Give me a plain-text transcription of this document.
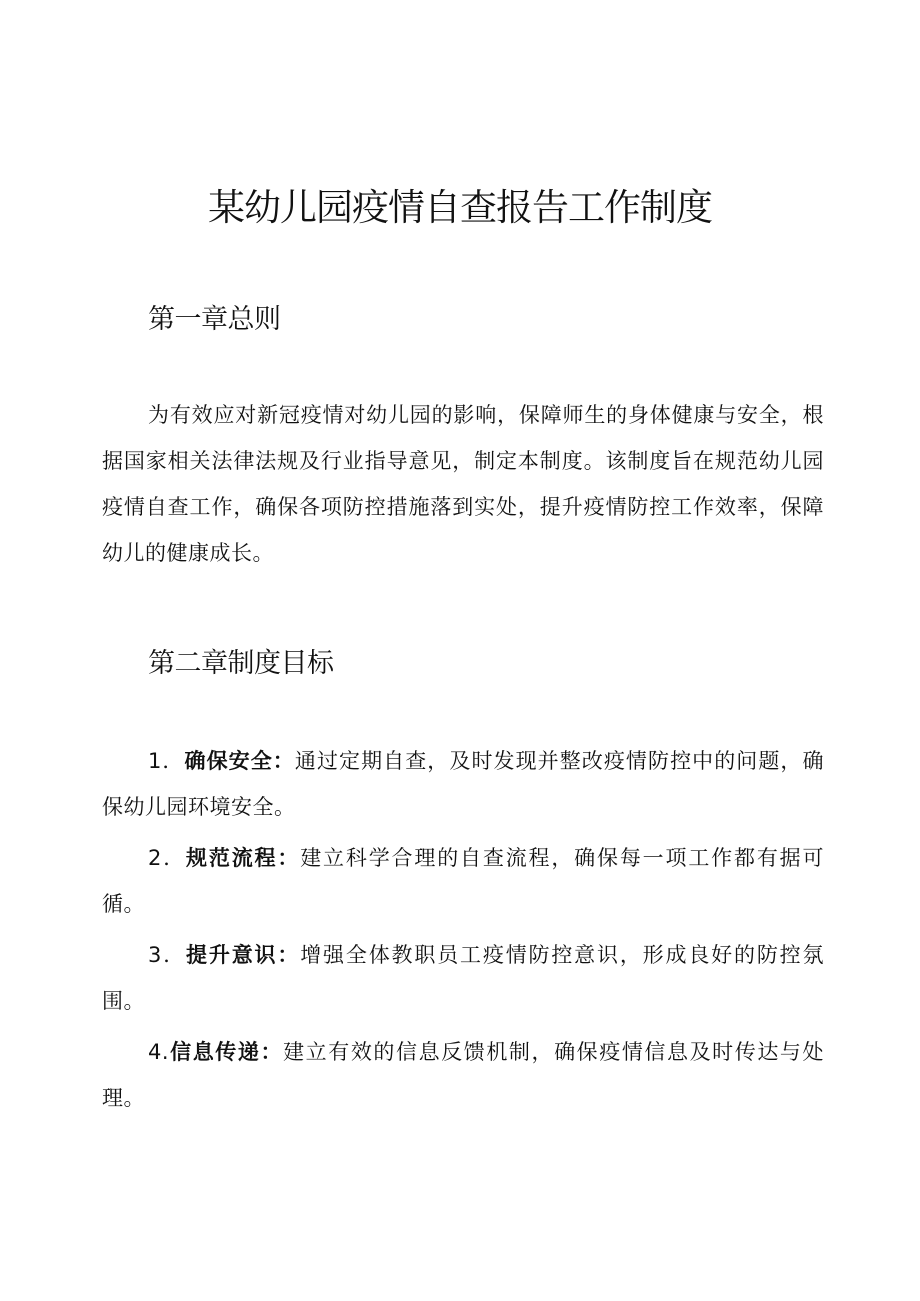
某幼儿园疫情自查报告工作制度
第一章总则

为有效应对新冠疫情对幼儿园的影响，保障师生的身体健康与安全，根据国家相关法律法规及行业指导意见，制定本制度。该制度旨在规范幼儿园疫情自查工作，确保各项防控措施落到实处，提升疫情防控工作效率，保障幼儿的健康成长。

第二章制度目标

1．确保安全：通过定期自查，及时发现并整改疫情防控中的问题，确保幼儿园环境安全。

2．规范流程：建立科学合理的自查流程，确保每一项工作都有据可循。

3．提升意识：增强全体教职员工疫情防控意识，形成良好的防控氛围。

4.信息传递：建立有效的信息反馈机制，确保疫情信息及时传达与处理。
